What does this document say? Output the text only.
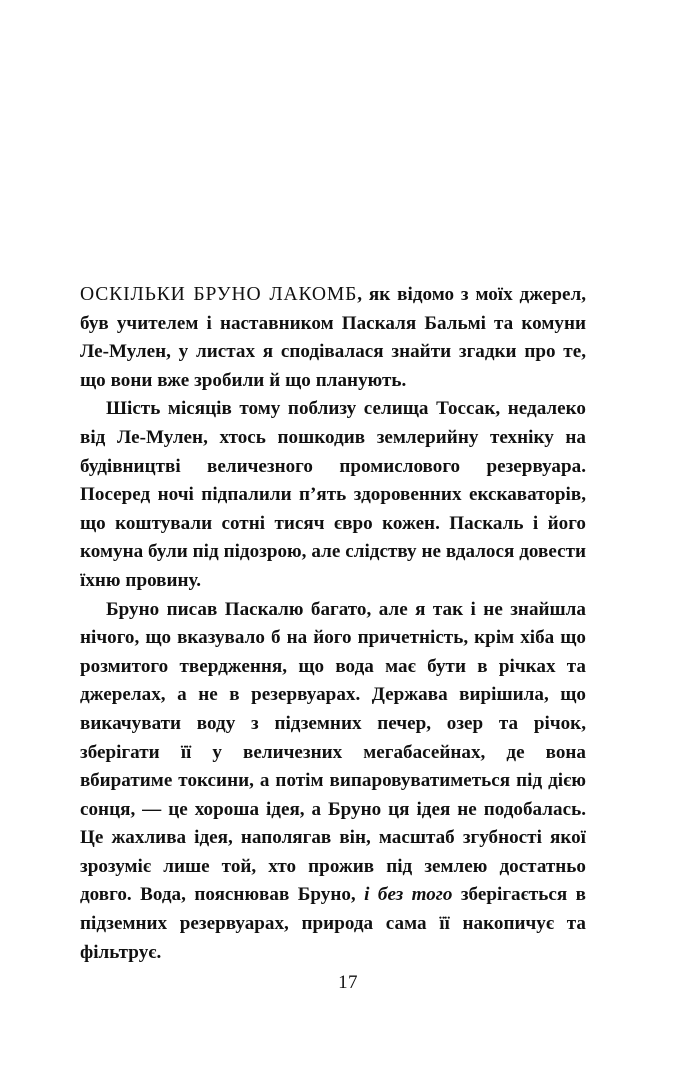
ОСКІЛЬКИ БРУНО ЛАКОМБ, як відомо з моїх джерел, був учителем і наставником Паскаля Бальмі та комуни Ле-Мулен, у листах я сподівалася знайти згадки про те, що вони вже зробили й що планують.

Шість місяців тому поблизу селища Тоссак, недалеко від Ле-Мулен, хтось пошкодив землерийну техніку на будівництві величезного промислового резервуара. Посеред ночі підпалили п’ять здоровенних екскаваторів, що коштували сотні тисяч євро кожен. Паскаль і його комуна були під підозрою, але слідству не вдалося довести їхню провину.

Бруно писав Паскалю багато, але я так і не знайшла нічого, що вказувало б на його причетність, крім хіба що розмитого твердження, що вода має бути в річках та джерелах, а не в резервуарах. Держава вирішила, що викачувати воду з підземних печер, озер та річок, зберігати її у величезних мегабасейнах, де вона вбиратиме токсини, а потім випаровуватиметься під дією сонця, — це хороша ідея, а Бруно ця ідея не подобалась. Це жахлива ідея, наполягав він, масштаб згубності якої зрозуміє лише той, хто прожив під землею достатньо довго. Вода, пояснював Бруно, і без того зберігається в підземних резервуарах, природа сама її накопичує та фільтрує.

17
